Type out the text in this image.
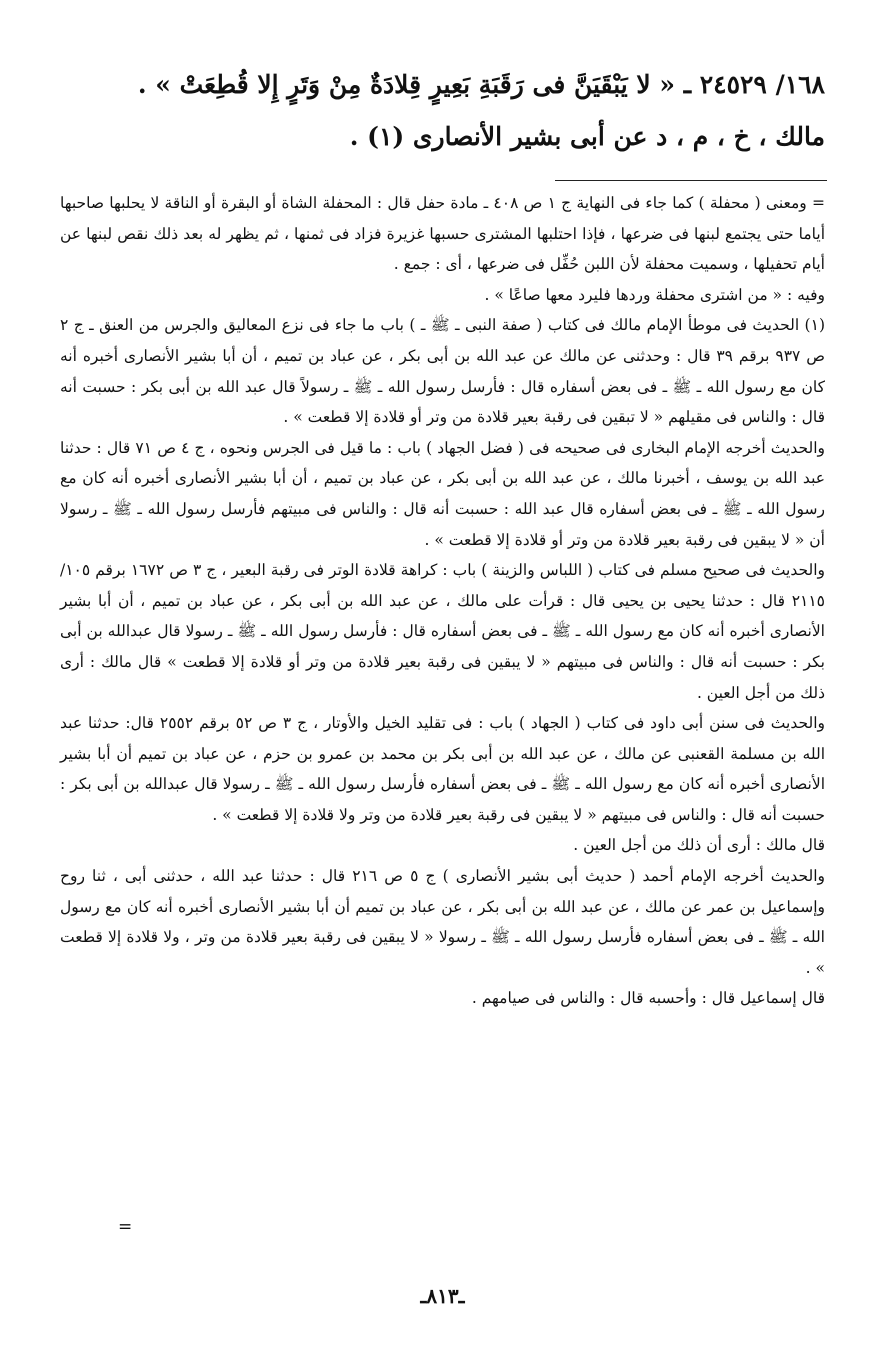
١٦٨/ ٢٤٥٢٩ ـ « لا يَبْقَيَنَّ فى رَقَبَةِ بَعِيرٍ قِلادَةٌ مِنْ وَتَرٍ إِلا قُطِعَتْ » .
مالك ، خ ، م ، د عن أبى بشير الأنصارى (١) .

= ومعنى ( محفلة ) كما جاء فى النهاية ج ١ ص ٤٠٨ ـ مادة حفل قال : المحفلة الشاة أو البقرة أو الناقة لا يحلبها صاحبها أياما حتى يجتمع لبنها فى ضرعها ، فإذا احتلبها المشترى حسبها غزيرة فزاد فى ثمنها ، ثم يظهر له بعد ذلك نقص لبنها عن أيام تحفيلها ، وسميت محفلة لأن اللبن حُفِّل فى ضرعها ، أى : جمع .

وفيه : « من اشترى محفلة وردها فليرد معها صاعًا » .

(١) الحديث فى موطأ الإمام مالك فى كتاب ( صفة النبى ـ ﷺ ـ ) باب ما جاء فى نزع المعاليق والجرس من العنق ـ ج ٢ ص ٩٣٧ برقم ٣٩ قال : وحدثنى عن مالك عن عبد الله بن أبى بكر ، عن عباد بن تميم ، أن أبا بشير الأنصارى أخبره أنه كان مع رسول الله ـ ﷺ ـ فى بعض أسفاره قال : فأرسل رسول الله ـ ﷺ ـ رسولاً قال عبد الله بن أبى بكر : حسبت أنه قال : والناس فى مقيلهم « لا تبقين فى رقبة بعير قلادة من وتر أو قلادة إلا قطعت » .

والحديث أخرجه الإمام البخارى فى صحيحه فى ( فضل الجهاد ) باب : ما قيل فى الجرس ونحوه ، ج ٤ ص ٧١ قال : حدثنا عبد الله بن يوسف ، أخبرنا مالك ، عن عبد الله بن أبى بكر ، عن عباد بن تميم ، أن أبا بشير الأنصارى أخبره أنه كان مع رسول الله ـ ﷺ ـ فى بعض أسفاره قال عبد الله : حسبت أنه قال : والناس فى مبيتهم فأرسل رسول الله ـ ﷺ ـ رسولا أن « لا يبقين فى رقبة بعير قلادة من وتر أو قلادة إلا قطعت » .

والحديث فى صحيح مسلم فى كتاب ( اللباس والزينة ) باب : كراهة قلادة الوتر فى رقبة البعير ، ج ٣ ص ١٦٧٢ برقم ١٠٥/ ٢١١٥ قال : حدثنا يحيى بن يحيى قال : قرأت على مالك ، عن عبد الله بن أبى بكر ، عن عباد بن تميم ، أن أبا بشير الأنصارى أخبره أنه كان مع رسول الله ـ ﷺ ـ فى بعض أسفاره قال : فأرسل رسول الله ـ ﷺ ـ رسولا قال عبدالله بن أبى بكر : حسبت أنه قال : والناس فى مبيتهم « لا يبقين فى رقبة بعير قلادة من وتر أو قلادة إلا قطعت » قال مالك : أرى ذلك من أجل العين .

والحديث فى سنن أبى داود فى كتاب ( الجهاد ) باب : فى تقليد الخيل والأوتار ، ج ٣ ص ٥٢ برقم ٢٥٥٢ قال: حدثنا عبد الله بن مسلمة القعنبى عن مالك ، عن عبد الله بن أبى بكر بن محمد بن عمرو بن حزم ، عن عباد بن تميم أن أبا بشير الأنصارى أخبره أنه كان مع رسول الله ـ ﷺ ـ فى بعض أسفاره فأرسل رسول الله ـ ﷺ ـ رسولا قال عبدالله بن أبى بكر : حسبت أنه قال : والناس فى مبيتهم « لا يبقين فى رقبة بعير قلادة من وتر ولا قلادة إلا قطعت » .

قال مالك : أرى أن ذلك من أجل العين .

والحديث أخرجه الإمام أحمد ( حديث أبى بشير الأنصارى ) ج ٥ ص ٢١٦ قال : حدثنا عبد الله ، حدثنى أبى ، ثنا روح وإسماعيل بن عمر عن مالك ، عن عبد الله بن أبى بكر ، عن عباد بن تميم أن أبا بشير الأنصارى أخبره أنه كان مع رسول الله ـ ﷺ ـ فى بعض أسفاره فأرسل رسول الله ـ ﷺ ـ رسولا « لا يبقين فى رقبة بعير قلادة من وتر ، ولا قلادة إلا قطعت » .

قال إسماعيل قال : وأحسبه قال : والناس فى صيامهم .

=
ـ٨١٣ـ
